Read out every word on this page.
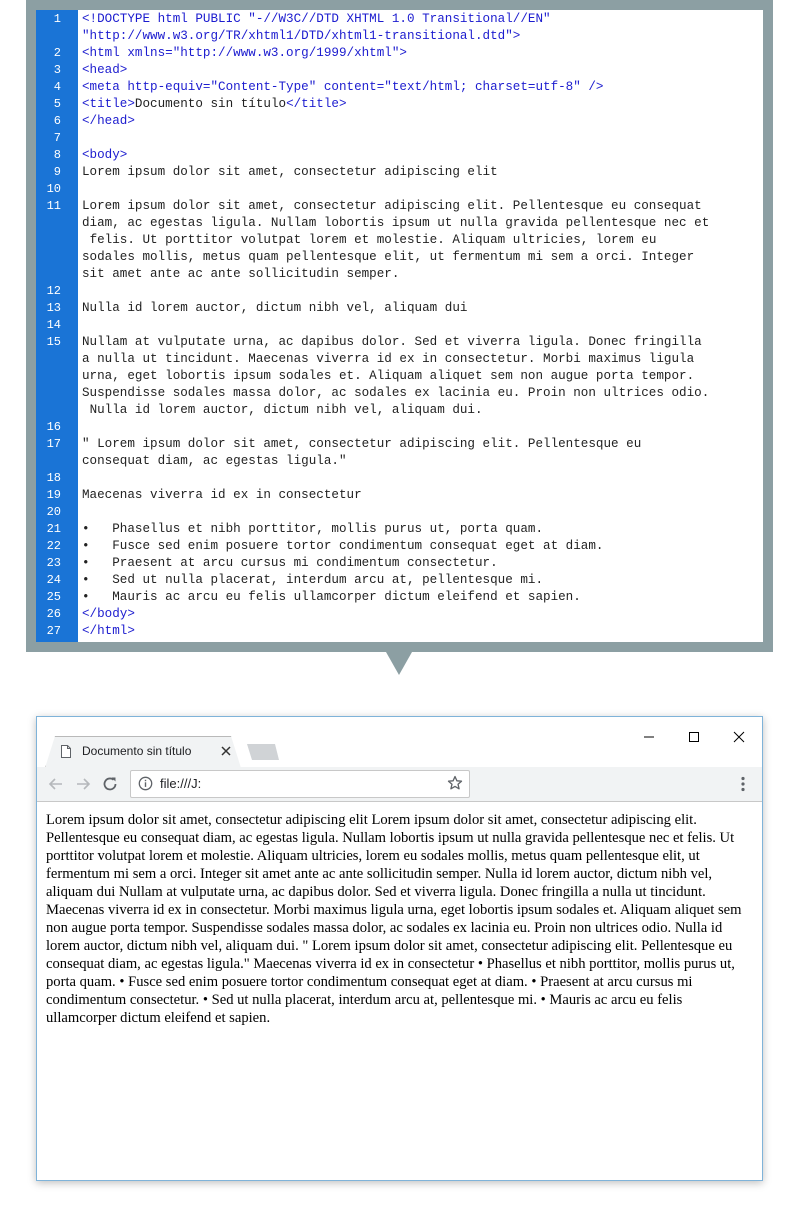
1	<!DOCTYPE html PUBLIC "-//W3C//DTD XHTML 1.0 Transitional//EN"
"http://www.w3.org/TR/xhtml1/DTD/xhtml1-transitional.dtd">
2	<html xmlns="http://www.w3.org/1999/xhtml">
3	<head>
4	<meta http-equiv="Content-Type" content="text/html; charset=utf-8" />
5	<title>Documento sin título</title>
6	</head>
7
8	<body>
9	Lorem ipsum dolor sit amet, consectetur adipiscing elit
10
11	Lorem ipsum dolor sit amet, consectetur adipiscing elit. Pellentesque eu consequat
diam, ac egestas ligula. Nullam lobortis ipsum ut nulla gravida pellentesque nec et
felis. Ut porttitor volutpat lorem et molestie. Aliquam ultricies, lorem eu
sodales mollis, metus quam pellentesque elit, ut fermentum mi sem a orci. Integer
sit amet ante ac ante sollicitudin semper.
12
13	Nulla id lorem auctor, dictum nibh vel, aliquam dui
14
15	Nullam at vulputate urna, ac dapibus dolor. Sed et viverra ligula. Donec fringilla
a nulla ut tincidunt. Maecenas viverra id ex in consectetur. Morbi maximus ligula
urna, eget lobortis ipsum sodales et. Aliquam aliquet sem non augue porta tempor.
Suspendisse sodales massa dolor, ac sodales ex lacinia eu. Proin non ultrices odio.
Nulla id lorem auctor, dictum nibh vel, aliquam dui.
16
17	" Lorem ipsum dolor sit amet, consectetur adipiscing elit. Pellentesque eu
consequat diam, ac egestas ligula."
18
19	Maecenas viverra id ex in consectetur
20
21	•   Phasellus et nibh porttitor, mollis purus ut, porta quam.
22	•   Fusce sed enim posuere tortor condimentum consequat eget at diam.
23	•   Praesent at arcu cursus mi condimentum consectetur.
24	•   Sed ut nulla placerat, interdum arcu at, pellentesque mi.
25	•   Mauris ac arcu eu felis ullamcorper dictum eleifend et sapien.
26	</body>
27	</html>
Documento sin título
file:///J:
Lorem ipsum dolor sit amet, consectetur adipiscing elit Lorem ipsum dolor sit amet, consectetur adipiscing elit. Pellentesque eu consequat diam, ac egestas ligula. Nullam lobortis ipsum ut nulla gravida pellentesque nec et felis. Ut porttitor volutpat lorem et molestie. Aliquam ultricies, lorem eu sodales mollis, metus quam pellentesque elit, ut fermentum mi sem a orci. Integer sit amet ante ac ante sollicitudin semper. Nulla id lorem auctor, dictum nibh vel, aliquam dui Nullam at vulputate urna, ac dapibus dolor. Sed et viverra ligula. Donec fringilla a nulla ut tincidunt. Maecenas viverra id ex in consectetur. Morbi maximus ligula urna, eget lobortis ipsum sodales et. Aliquam aliquet sem non augue porta tempor. Suspendisse sodales massa dolor, ac sodales ex lacinia eu. Proin non ultrices odio. Nulla id lorem auctor, dictum nibh vel, aliquam dui. " Lorem ipsum dolor sit amet, consectetur adipiscing elit. Pellentesque eu consequat diam, ac egestas ligula." Maecenas viverra id ex in consectetur • Phasellus et nibh porttitor, mollis purus ut, porta quam. • Fusce sed enim posuere tortor condimentum consequat eget at diam. • Praesent at arcu cursus mi condimentum consectetur. • Sed ut nulla placerat, interdum arcu at, pellentesque mi. • Mauris ac arcu eu felis ullamcorper dictum eleifend et sapien.
